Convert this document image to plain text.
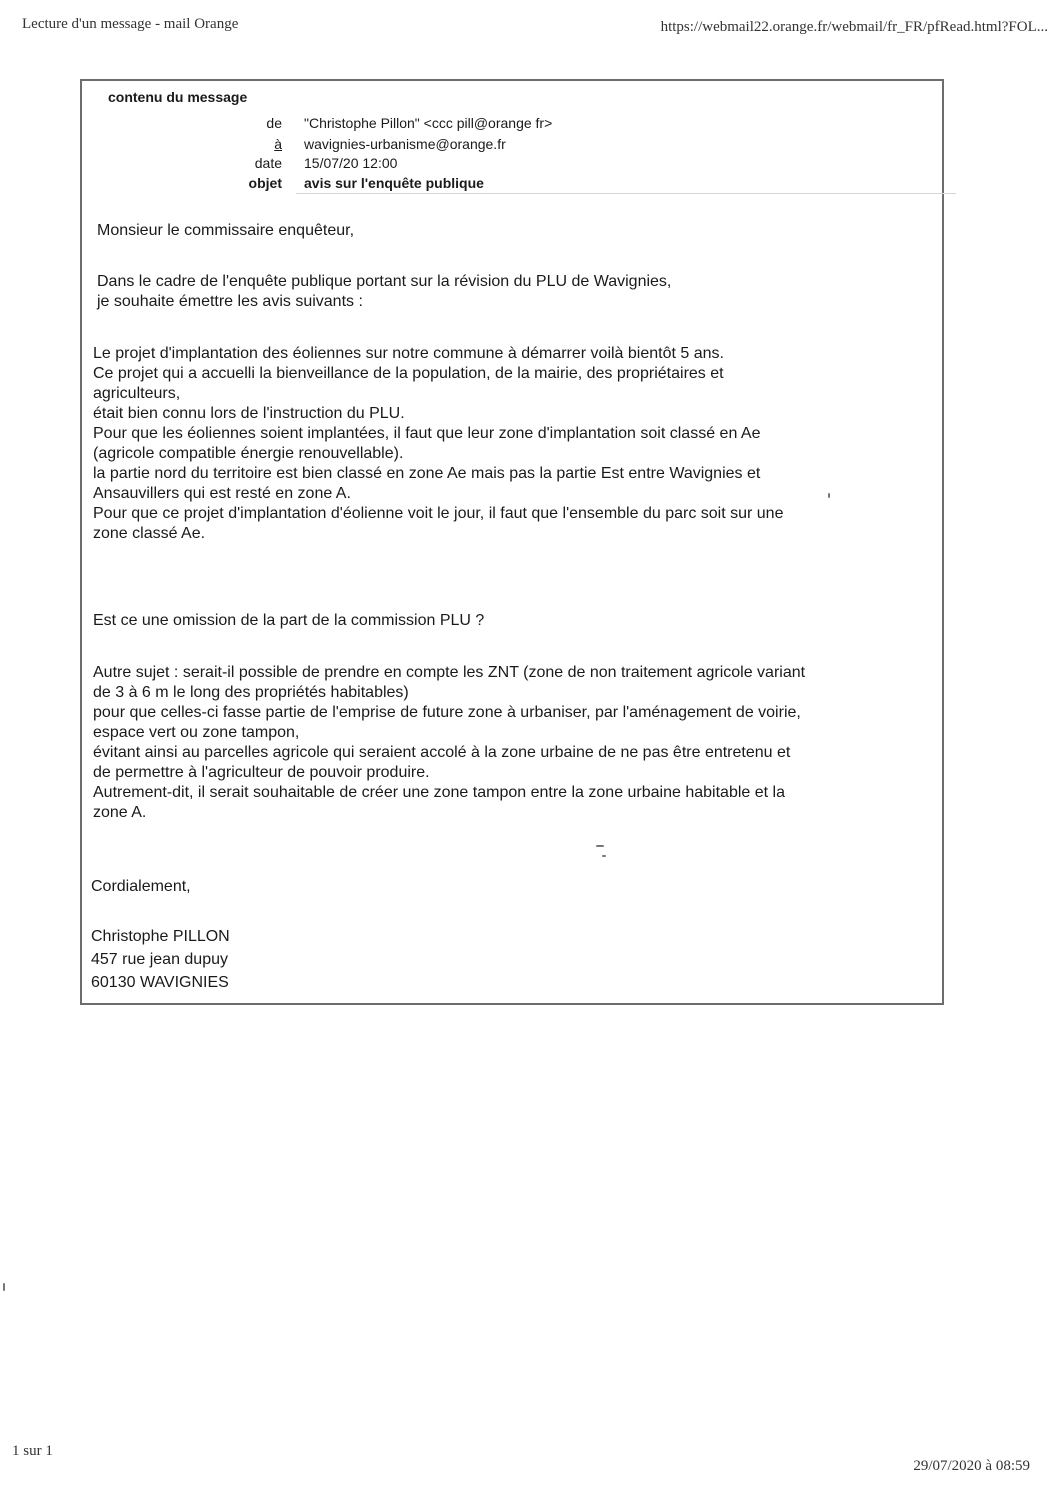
Lecture d'un message - mail Orange	https://webmail22.orange.fr/webmail/fr_FR/pfRead.html?FOL...
contenu du message
de "Christophe Pillon" <ccc pill@orange fr>
à wavignies-urbanisme@orange.fr
date 15/07/20 12:00
objet avis sur l'enquête publique
Monsieur le commissaire enquêteur,
Dans le cadre de l'enquête publique portant sur la révision du PLU de Wavignies,
je souhaite émettre les avis suivants :
Le projet d'implantation des éoliennes sur notre commune à démarrer voilà bientôt 5 ans.
Ce projet qui a accuelli la bienveillance de la population, de la mairie, des propriétaires et
agriculteurs,
était bien connu lors de l'instruction du PLU.
Pour que les éoliennes soient implantées, il faut que leur zone d'implantation soit classé en Ae
(agricole compatible énergie renouvellable).
la partie nord du territoire est bien classé en zone Ae mais pas la partie Est entre Wavignies et
Ansauvillers qui est resté en zone A.
Pour que ce projet d'implantation d'éolienne voit le jour, il faut que l'ensemble du parc soit sur une
zone classé Ae.
Est ce une omission de la part de la commission PLU ?
Autre sujet : serait-il possible de prendre en compte les ZNT (zone de non traitement agricole variant
de 3 à 6 m le long des propriétés habitables)
pour que celles-ci fasse partie de l'emprise de future zone à urbaniser, par l'aménagement de voirie,
espace vert ou zone tampon,
évitant ainsi au parcelles agricole qui seraient accolé à la zone urbaine de ne pas être entretenu et
de permettre à l'agriculteur de pouvoir produire.
Autrement-dit, il serait souhaitable de créer une zone tampon entre la zone urbaine habitable et la
zone A.
Cordialement,
Christophe PILLON
457 rue jean dupuy
60130 WAVIGNIES
1 sur 1
29/07/2020 à 08:59
